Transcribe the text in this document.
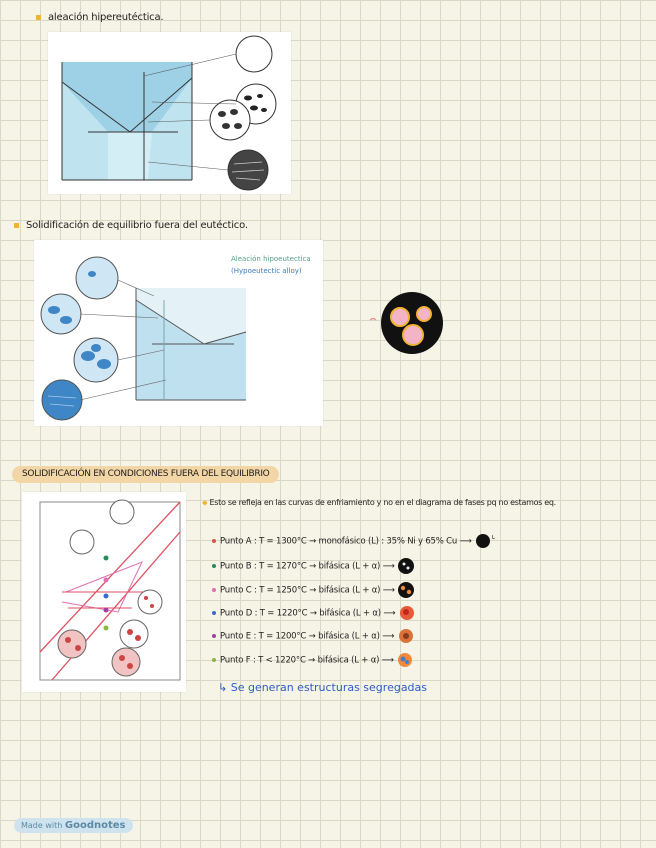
aleación hipereutéctica.
Solidificación de equilibrio fuera del eutéctico.
Aleación hipoeutectica
(Hypoeutectic alloy)
SOLIDIFICACIÓN EN CONDICIONES FUERA DEL EQUILIBRIO
⬥ Esto se refleja en las curvas de enfriamiento y no en el diagrama de fases pq no estamos eq.
Punto A : T = 1300°C → monofásico (L) : 35% Ni y 65% Cu ⟶	L
Punto B : T = 1270°C → bifásica (L + α) ⟶
Punto C : T = 1250°C → bifásica (L + α) ⟶
Punto D : T = 1220°C → bifásica (L + α) ⟶
Punto E : T = 1200°C → bifásica (L + α) ⟶
Punto F : T < 1220°C → bifásica (L + α) ⟶
↳ Se generan estructuras segregadas
Made with Goodnotes
